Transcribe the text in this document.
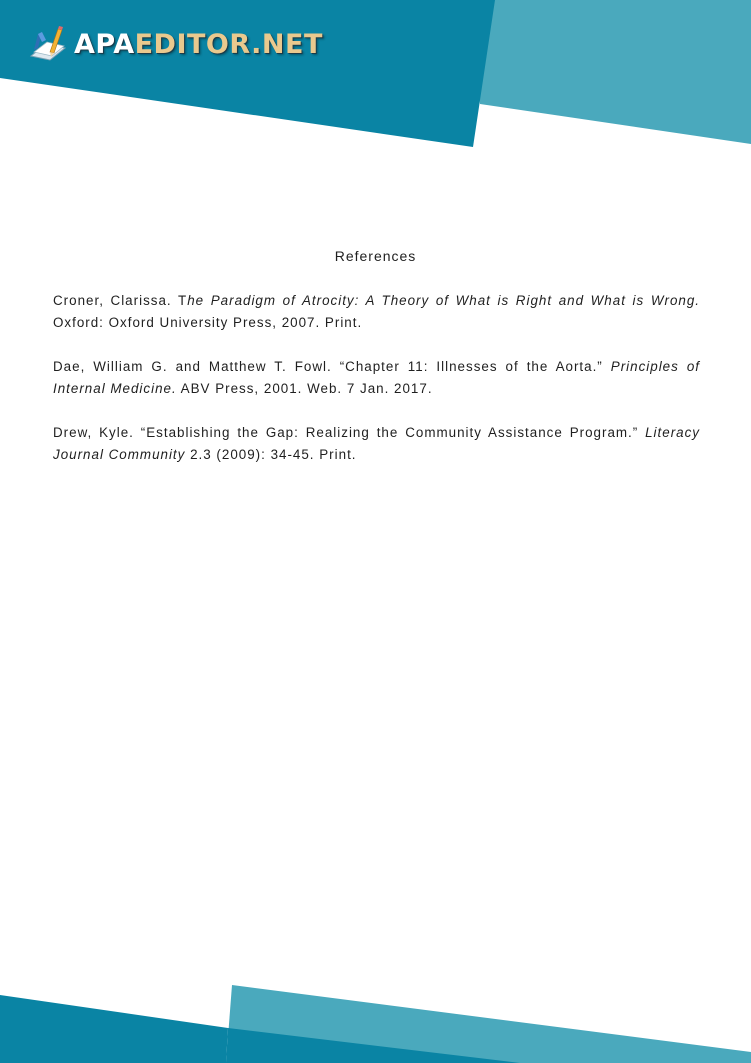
APAEDITOR.NET
References

Croner, Clarissa. The Paradigm of Atrocity: A Theory of What is Right and What is Wrong. Oxford: Oxford University Press, 2007. Print.

Dae, William G. and Matthew T. Fowl. “Chapter 11: Illnesses of the Aorta.” Principles of Internal Medicine. ABV Press, 2001. Web. 7 Jan. 2017.

Drew, Kyle. “Establishing the Gap: Realizing the Community Assistance Program.” Literacy Journal Community 2.3 (2009): 34-45. Print.
